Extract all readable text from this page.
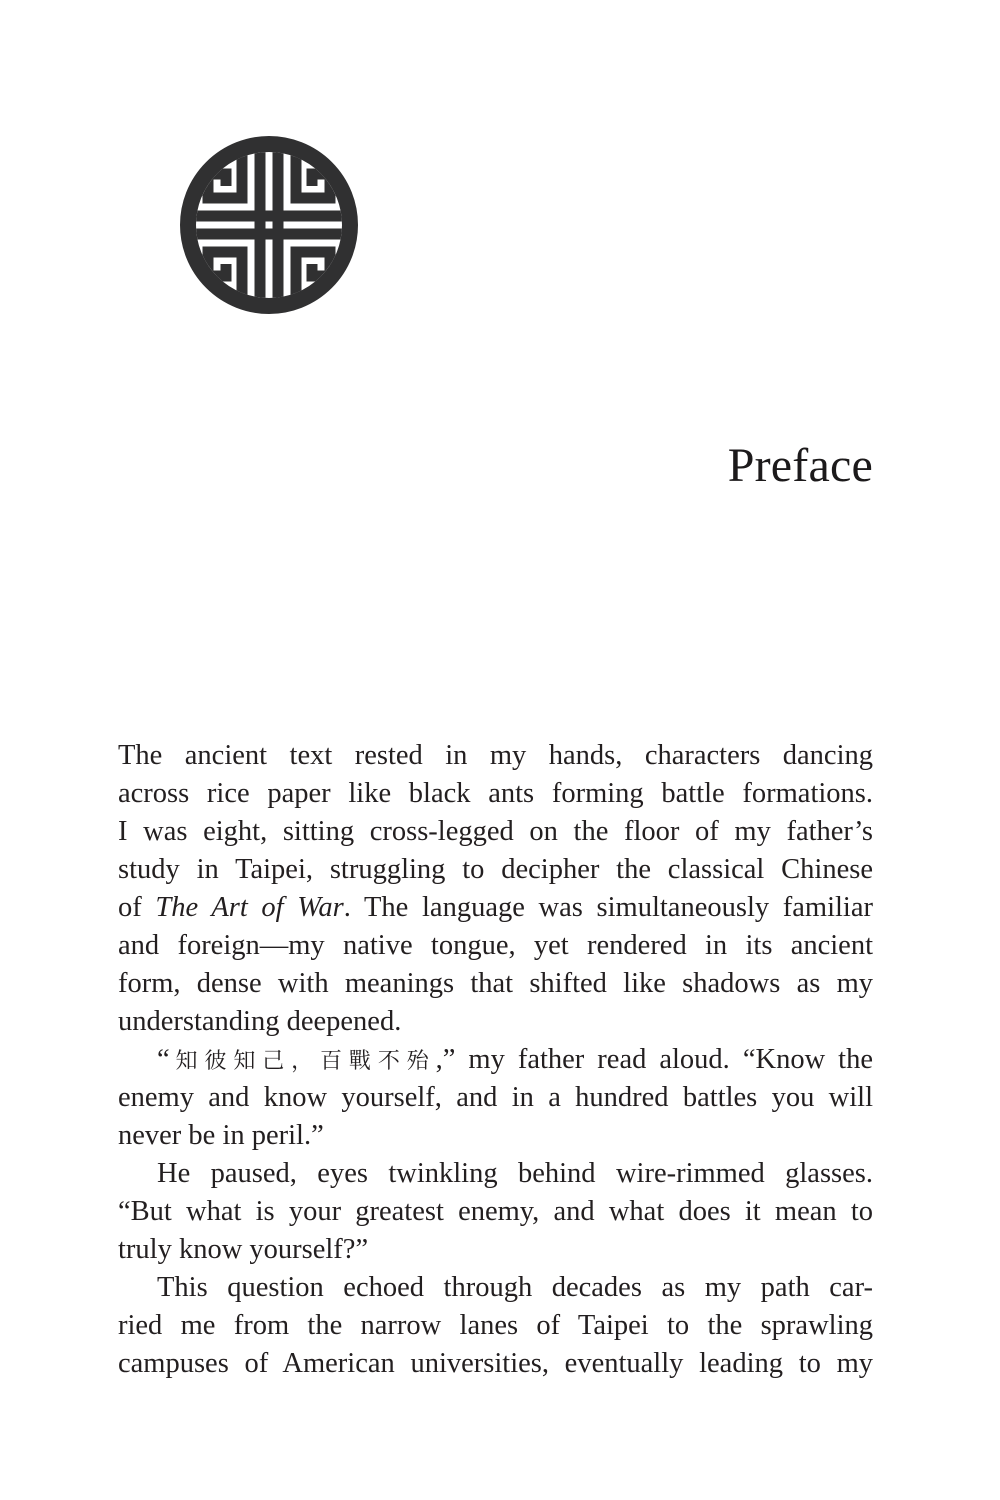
Preface
The ancient text rested in my hands, characters dancing
across rice paper like black ants forming battle formations.
I was eight, sitting cross-legged on the floor of my father’s
study in Taipei, struggling to decipher the classical Chinese
of The Art of War. The language was simultaneously familiar
and foreign—my native tongue, yet rendered in its ancient
form, dense with meanings that shifted like shadows as my
understanding deepened.
“知彼知己，百戰不殆,” my father read aloud. “Know the
enemy and know yourself, and in a hundred battles you will
never be in peril.”
He paused, eyes twinkling behind wire-rimmed glasses.
“But what is your greatest enemy, and what does it mean to
truly know yourself?”
This question echoed through decades as my path car-
ried me from the narrow lanes of Taipei to the sprawling
campuses of American universities, eventually leading to my
